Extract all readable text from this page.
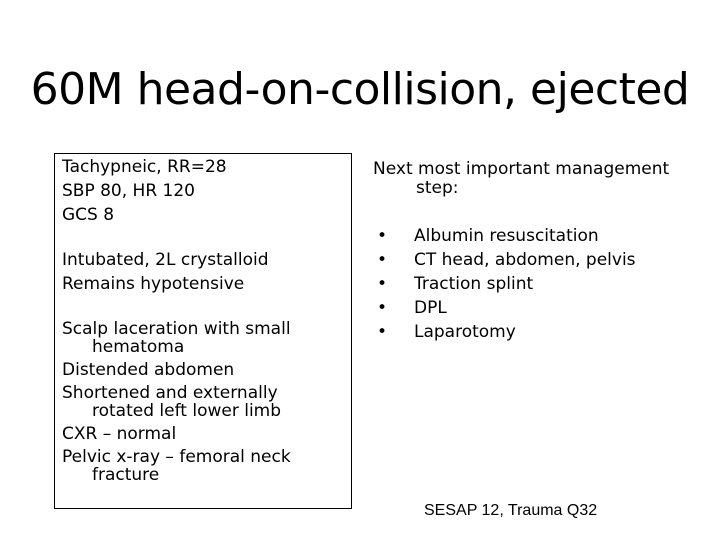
60M head-on-collision, ejected
Tachypneic, RR=28
SBP 80, HR 120
GCS 8
Intubated, 2L crystalloid
Remains hypotensive
Scalp laceration with small hematoma
Distended abdomen
Shortened and externally rotated left lower limb
CXR – normal
Pelvic x-ray – femoral neck fracture
Next most important management step:
• Albumin resuscitation
• CT head, abdomen, pelvis
• Traction splint
• DPL
• Laparotomy
SESAP 12, Trauma Q32
